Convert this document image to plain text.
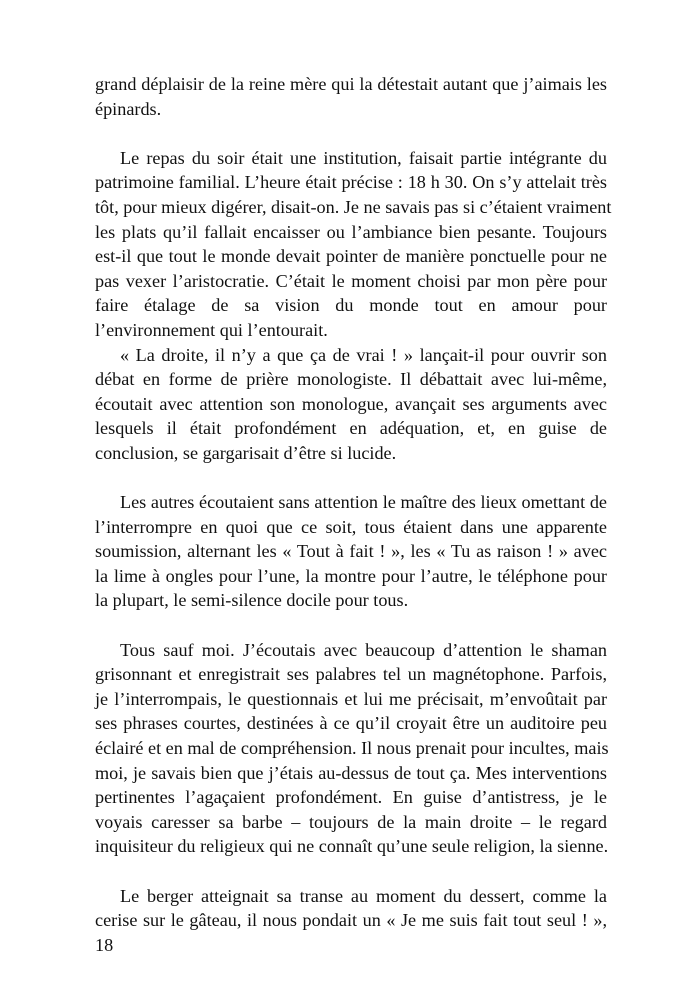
grand déplaisir de la reine mère qui la détestait autant que j’aimais les
épinards.
Le repas du soir était une institution, faisait partie intégrante du
patrimoine familial. L’heure était précise : 18 h 30. On s’y attelait très
tôt, pour mieux digérer, disait-on. Je ne savais pas si c’étaient vraiment
les plats qu’il fallait encaisser ou l’ambiance bien pesante. Toujours
est-il que tout le monde devait pointer de manière ponctuelle pour ne
pas vexer l’aristocratie. C’était le moment choisi par mon père pour
faire étalage de sa vision du monde tout en amour pour
l’environnement qui l’entourait.
« La droite, il n’y a que ça de vrai ! » lançait-il pour ouvrir son
débat en forme de prière monologiste. Il débattait avec lui-même,
écoutait avec attention son monologue, avançait ses arguments avec
lesquels il était profondément en adéquation, et, en guise de
conclusion, se gargarisait d’être si lucide.
Les autres écoutaient sans attention le maître des lieux omettant de
l’interrompre en quoi que ce soit, tous étaient dans une apparente
soumission, alternant les « Tout à fait ! », les « Tu as raison ! » avec
la lime à ongles pour l’une, la montre pour l’autre, le téléphone pour
la plupart, le semi-silence docile pour tous.
Tous sauf moi. J’écoutais avec beaucoup d’attention le shaman
grisonnant et enregistrait ses palabres tel un magnétophone. Parfois,
je l’interrompais, le questionnais et lui me précisait, m’envoûtait par
ses phrases courtes, destinées à ce qu’il croyait être un auditoire peu
éclairé et en mal de compréhension. Il nous prenait pour incultes, mais
moi, je savais bien que j’étais au-dessus de tout ça. Mes interventions
pertinentes l’agaçaient profondément. En guise d’antistress, je le
voyais caresser sa barbe – toujours de la main droite – le regard
inquisiteur du religieux qui ne connaît qu’une seule religion, la sienne.
Le berger atteignait sa transe au moment du dessert, comme la
cerise sur le gâteau, il nous pondait un « Je me suis fait tout seul ! »,
18
